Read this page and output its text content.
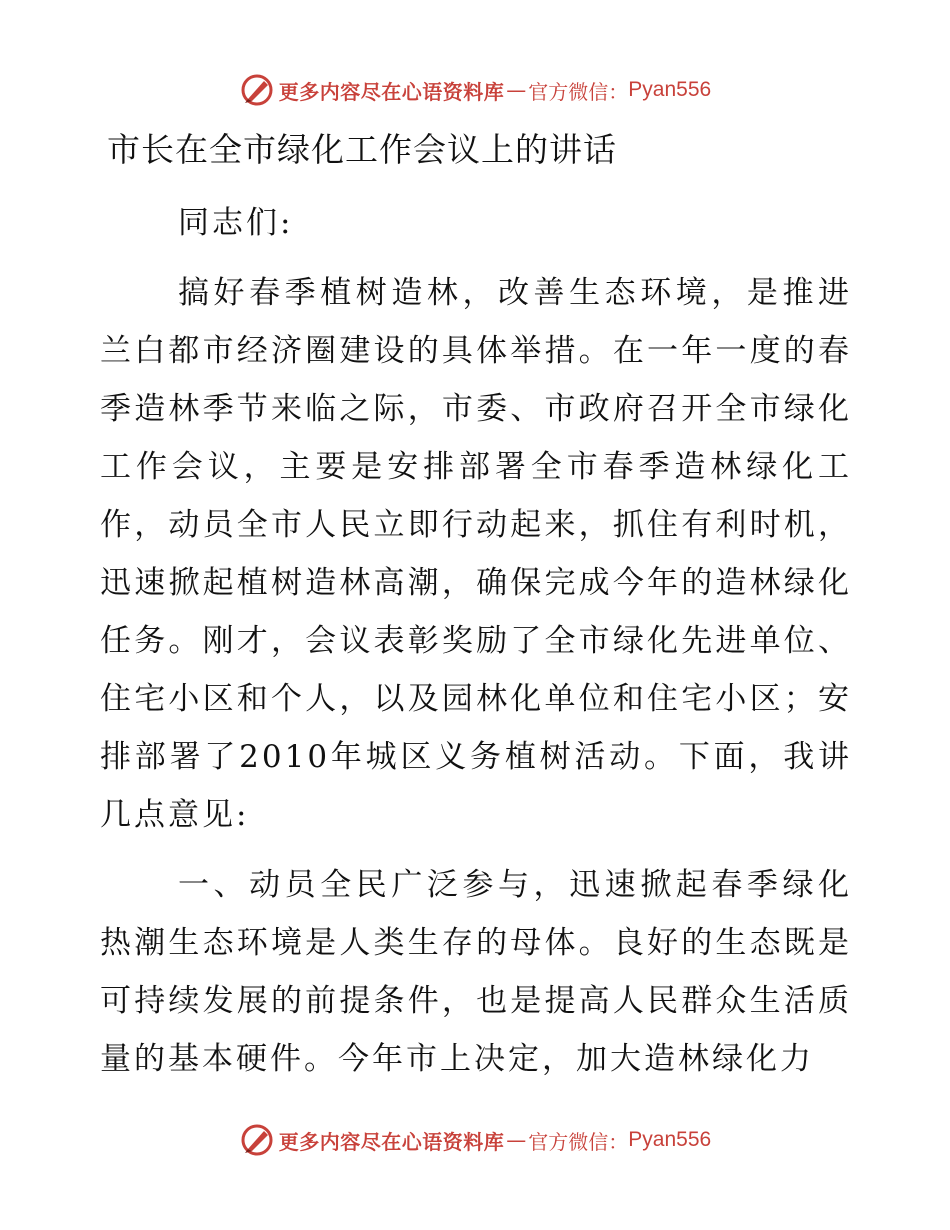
更多内容尽在心语资料库 — 官方微信： Pyan556
市长在全市绿化工作会议上的讲话

同志们:

搞好春季植树造林，改善生态环境，是推进兰白都市经济圈建设的具体举措。在一年一度的春季造林季节来临之际，市委、市政府召开全市绿化工作会议，主要是安排部署全市春季造林绿化工作，动员全市人民立即行动起来，抓住有利时机，迅速掀起植树造林高潮，确保完成今年的造林绿化任务。刚才，会议表彰奖励了全市绿化先进单位、住宅小区和个人，以及园林化单位和住宅小区；安排部署了2010年城区义务植树活动。下面，我讲几点意见:

一、动员全民广泛参与，迅速掀起春季绿化热潮生态环境是人类生存的母体。良好的生态既是可持续发展的前提条件，也是提高人民群众生活质量的基本硬件。今年市上决定，加大造林绿化力

更多内容尽在心语资料库 — 官方微信： Pyan556
